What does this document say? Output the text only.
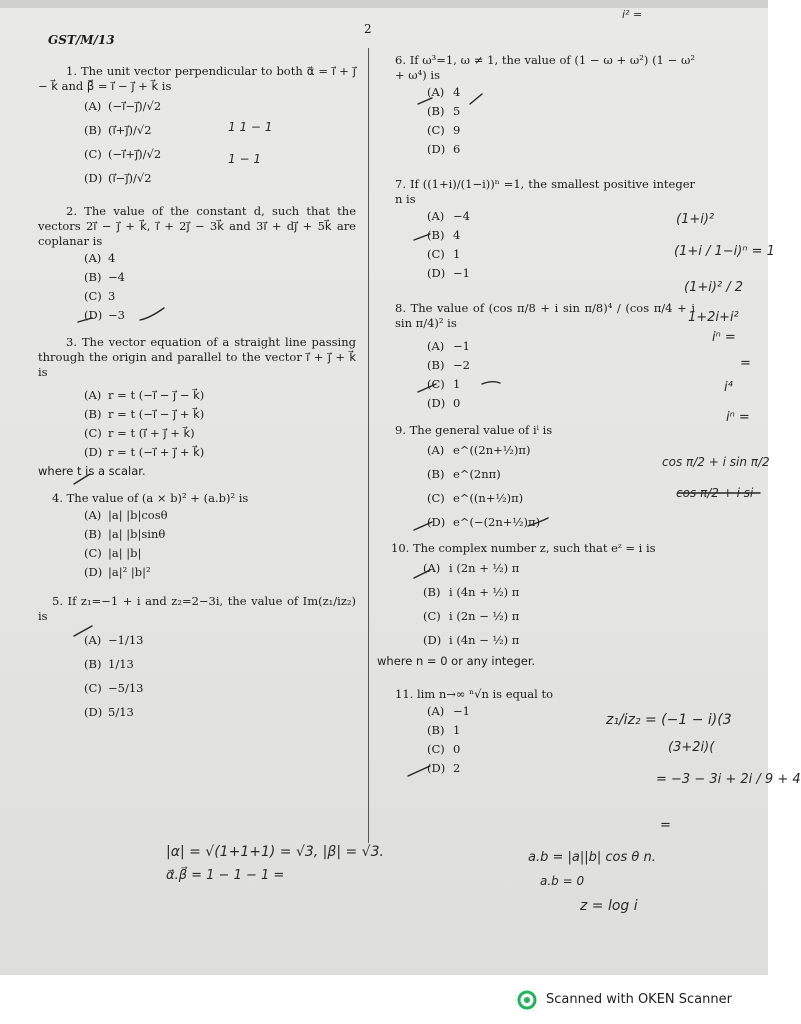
GST/M/13
2
1. The unit vector perpendicular to both α⃗ = i⃗ + j⃗ − k⃗ and β⃗ = i⃗ − j⃗ + k⃗ is
(A) (−i⃗−j⃗)/√2
(B) (i⃗+j⃗)/√2
(C) (−i⃗+j⃗)/√2
(D) (i⃗−j⃗)/√2
2. The value of the constant d, such that the vectors 2i⃗ − j⃗ + k⃗, i⃗ + 2j⃗ − 3k⃗ and 3i⃗ + dj⃗ + 5k⃗ are coplanar is
(A) 4
(B) −4
(C) 3
(D) −3
3. The vector equation of a straight line passing through the origin and parallel to the vector i⃗ + j⃗ + k⃗ is
(A) r = t (−i⃗ − j⃗ − k⃗)
(B) r = t (−i⃗ − j⃗ + k⃗)
(C) r = t (i⃗ + j⃗ + k⃗)
(D) r = t (−i⃗ + j⃗ + k⃗)
where t is a scalar.
4. The value of (a × b)² + (a.b)² is
(A) |a| |b|cosθ
(B) |a| |b|sinθ
(C) |a| |b|
(D) |a|² |b|²
5. If z₁=−1 + i and z₂=2−3i, the value of Im(z₁/iz₂) is
(A) −1/13
(B) 1/13
(C) −5/13
(D) 5/13
6. If ω³=1, ω ≠ 1, the value of (1 − ω + ω²) (1 − ω² + ω⁴) is
(A) 4
(B) 5
(C) 9
(D) 6
7. If ((1+i)/(1−i))ⁿ =1, the smallest positive integer n is
(A) −4
(B) 4
(C) 1
(D) −1
8. The value of (cos π/8 + i sin π/8)⁴ / (cos π/4 + i sin π/4)² is
(A) −1
(B) −2
(C) 1
(D) 0
9. The general value of iⁱ is
(A) e^((2n+½)π)
(B) e^(2nπ)
(C) e^((n+½)π)
(D) e^(−(2n+½)π)
10. The complex number z, such that eᶻ = i is
(A) i (2n + ½) π
(B) i (4n + ½) π
(C) i (2n − ½) π
(D) i (4n − ½) π
where n = 0 or any integer.
11. lim n→∞ ⁿ√n is equal to
(A) −1
(B) 1
(C) 0
(D) 2
1 1 − 1
1 − 1
i² =
(1+i)²
(1+i / 1−i)ⁿ = 1
(1+i)² / 2
1+2i+i²
iⁿ =
=
i⁴
iⁿ =
cos π/2 + i sin π/2
cos π/2 + i si
z₁/iz₂ = (−1 − i)(3
(3+2i)(
= −3 − 3i + 2i / 9 + 4
=
|α| = √(1+1+1) = √3, |β| = √3.
α⃗.β⃗ = 1 − 1 − 1 =
a.b = |a||b| cos θ n.
a.b = 0
z = log i
Scanned with OKEN Scanner
